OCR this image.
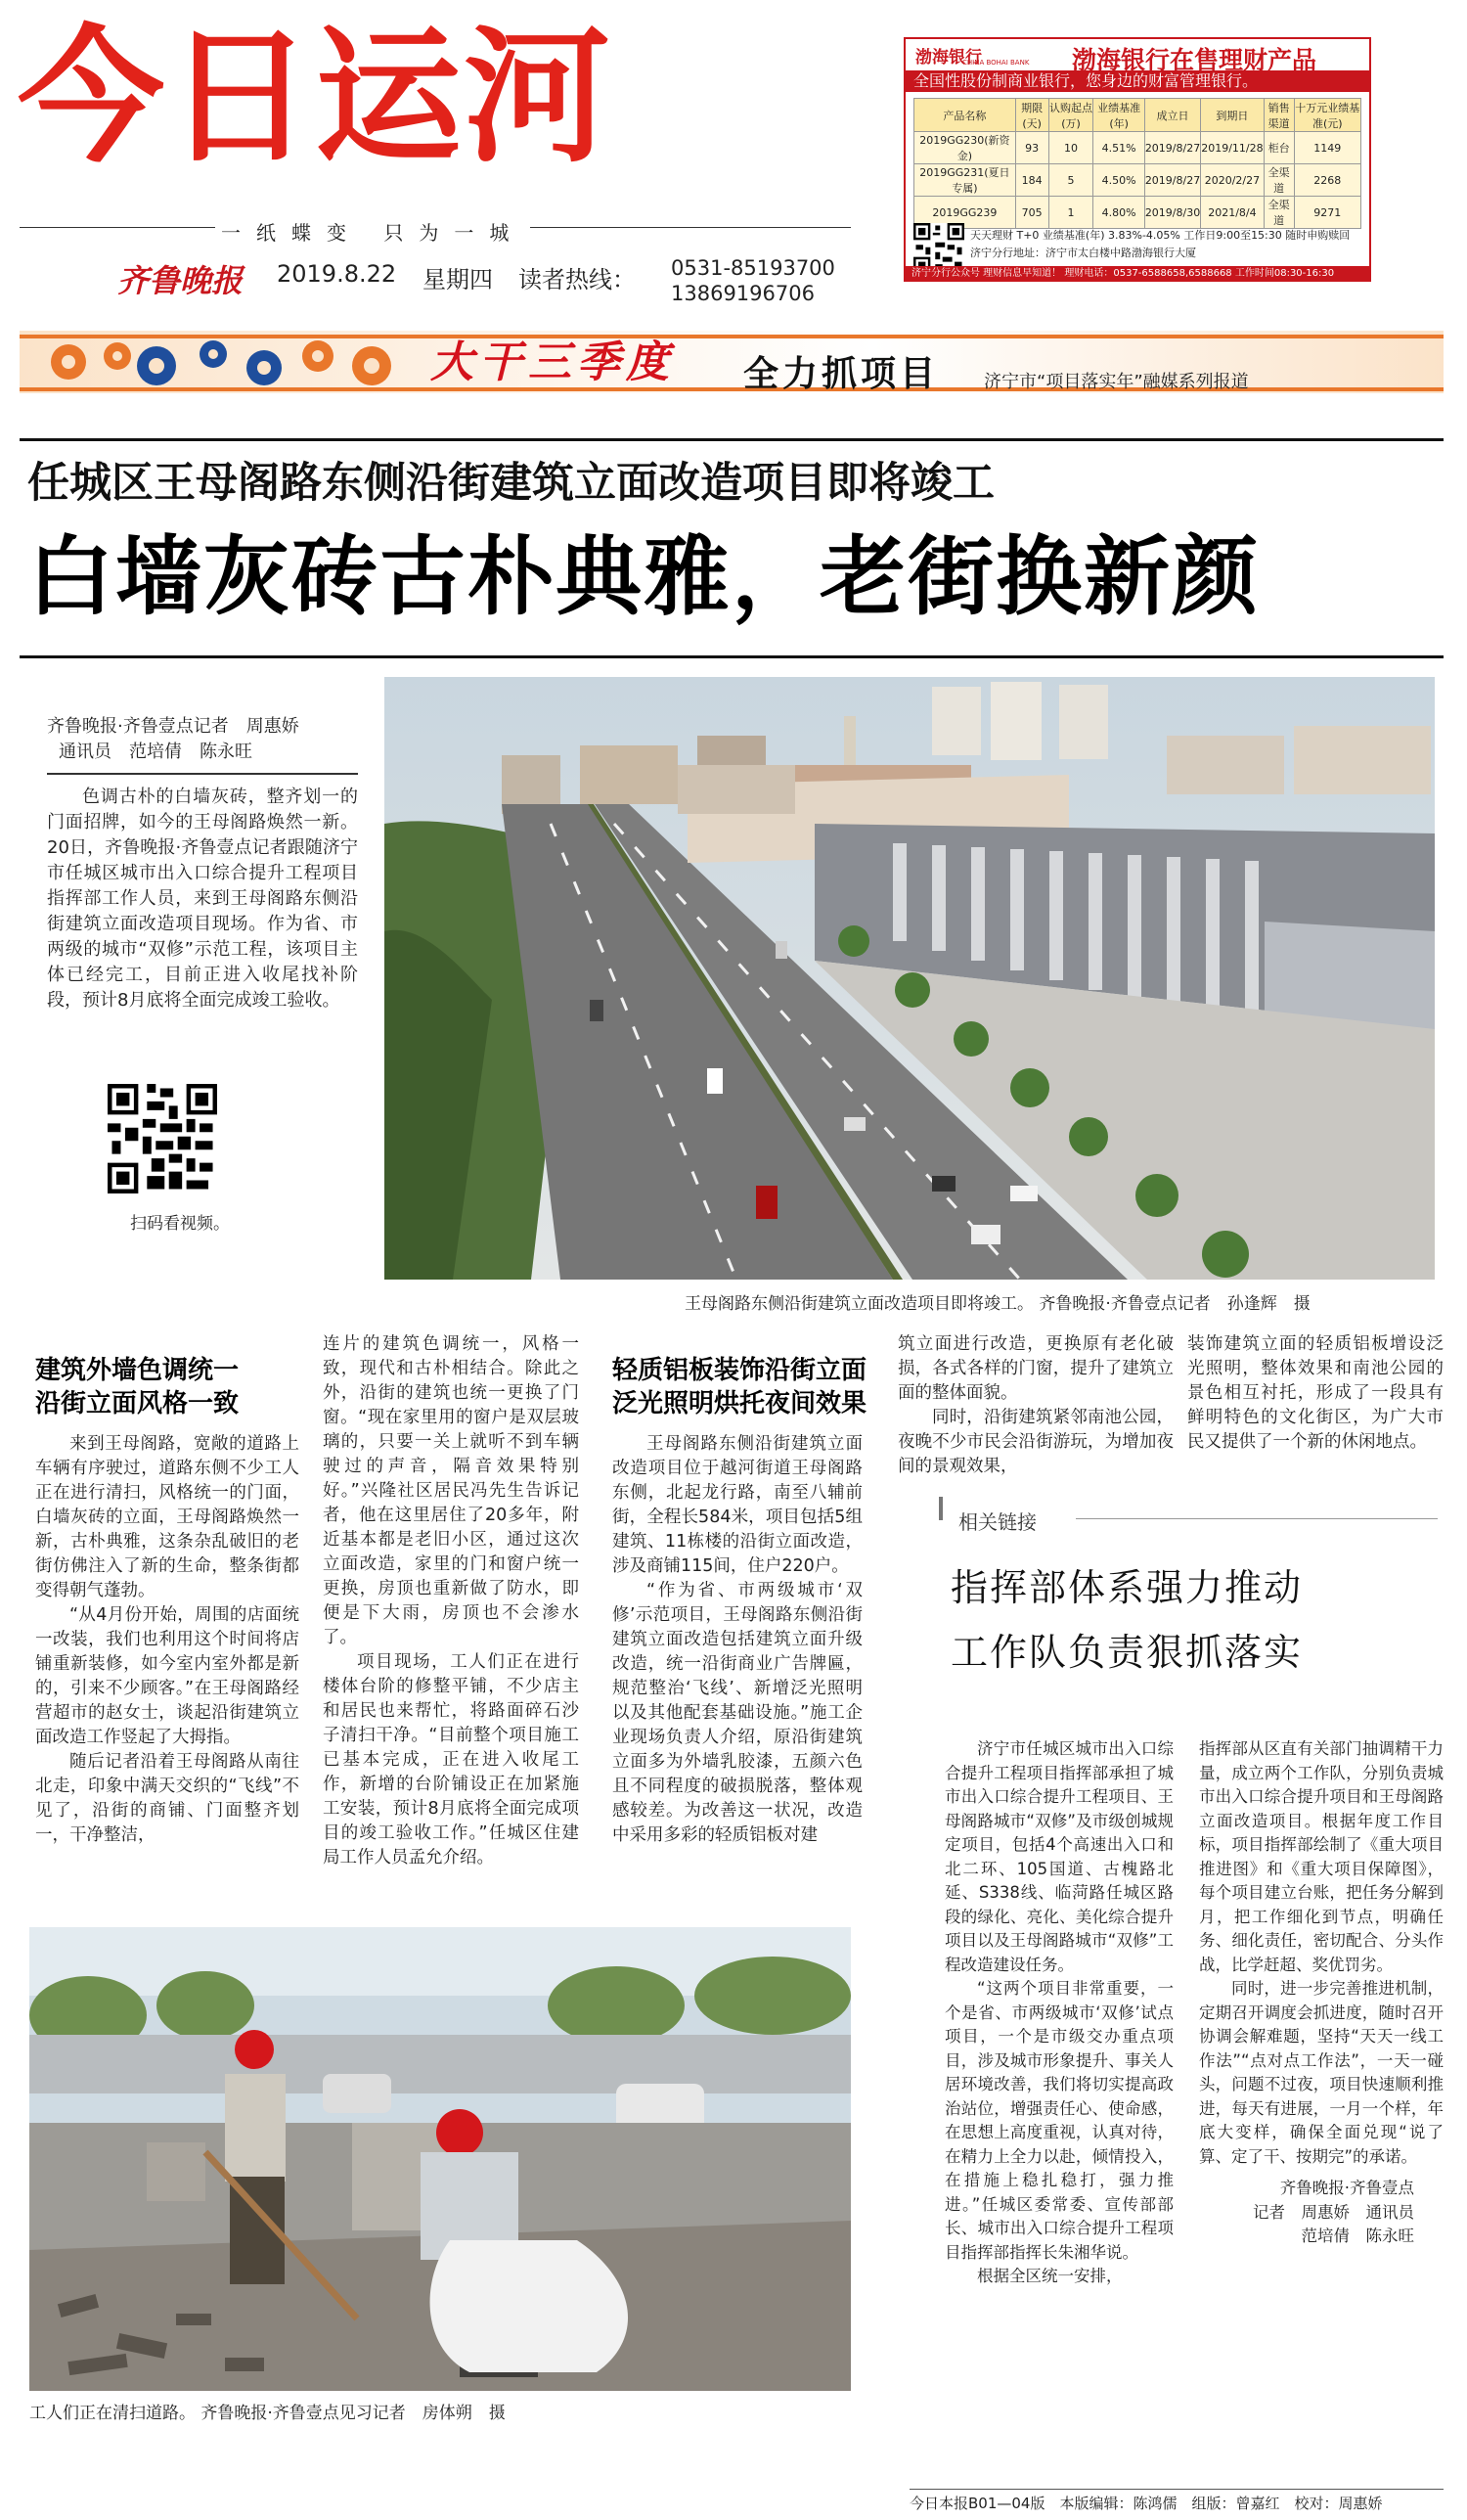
今日运河
一纸蝶变 只为一城
齐鲁晚报 2019.8.22 星期四 读者热线： 0531-85193700
13869196706
渤海银行
CHINA BOHAI BANK 渤海银行在售理财产品
全国性股份制商业银行，您身边的财富管理银行。
产品名称	期限(天)	认购起点(万)	业绩基准(年)	成立日	到期日	销售渠道	十万元业绩基准(元)
2019GG230(新资金)	93	10	4.51%	2019/8/27	2019/11/28	柜台	1149
2019GG231(夏日专属)	184	5	4.50%	2019/8/27	2020/2/27	全渠道	2268
2019GG239	705	1	4.80%	2019/8/30	2021/8/4	全渠道	9271
天天理财 T+0 业绩基准(年) 3.83%-4.05% 工作日9:00至15:30 随时申购赎回
济宁分行地址：济宁市太白楼中路渤海银行大厦
济宁分行公众号 理财信息早知道！ 理财电话：0537-6588658,6588668 工作时间08:30-16:30
大干三季度 全力抓项目	济宁市“项目落实年”融媒系列报道
任城区王母阁路东侧沿街建筑立面改造项目即将竣工
白墙灰砖古朴典雅，老街换新颜
齐鲁晚报·齐鲁壹点记者　周惠娇
通讯员　范培倩　陈永旺
色调古朴的白墙灰砖，整齐划一的门面招牌，如今的王母阁路焕然一新。20日，齐鲁晚报·齐鲁壹点记者跟随济宁市任城区城市出入口综合提升工程项目指挥部工作人员，来到王母阁路东侧沿街建筑立面改造项目现场。作为省、市两级的城市“双修”示范工程，该项目主体已经完工，目前正进入收尾找补阶段，预计8月底将全面完成竣工验收。
扫码看视频。
王母阁路东侧沿街建筑立面改造项目即将竣工。 齐鲁晚报·齐鲁壹点记者　孙逢辉　摄
建筑外墙色调统一
沿街立面风格一致

来到王母阁路，宽敞的道路上车辆有序驶过，道路东侧不少工人正在进行清扫，风格统一的门面，白墙灰砖的立面，王母阁路焕然一新，古朴典雅，这条杂乱破旧的老街仿佛注入了新的生命，整条街都变得朝气蓬勃。

“从4月份开始，周围的店面统一改装，我们也利用这个时间将店铺重新装修，如今室内室外都是新的，引来不少顾客。”在王母阁路经营超市的赵女士，谈起沿街建筑立面改造工作竖起了大拇指。

随后记者沿着王母阁路从南往北走，印象中满天交织的“飞线”不见了，沿街的商铺、门面整齐划一，干净整洁，

连片的建筑色调统一，风格一致，现代和古朴相结合。除此之外，沿街的建筑也统一更换了门窗。“现在家里用的窗户是双层玻璃的，只要一关上就听不到车辆驶过的声音，隔音效果特别好。”兴隆社区居民冯先生告诉记者，他在这里居住了20多年，附近基本都是老旧小区，通过这次立面改造，家里的门和窗户统一更换，房顶也重新做了防水，即便是下大雨，房顶也不会渗水了。

项目现场，工人们正在进行楼体台阶的修整平铺，不少店主和居民也来帮忙，将路面碎石沙子清扫干净。“目前整个项目施工已基本完成，正在进入收尾工作，新增的台阶铺设正在加紧施工安装，预计8月底将全面完成项目的竣工验收工作。”任城区住建局工作人员孟允介绍。

轻质铝板装饰沿街立面
泛光照明烘托夜间效果

王母阁路东侧沿街建筑立面改造项目位于越河街道王母阁路东侧，北起龙行路，南至八辅前街，全程长584米，项目包括5组建筑、11栋楼的沿街立面改造，涉及商铺115间，住户220户。

“作为省、市两级城市‘双修’示范项目，王母阁路东侧沿街建筑立面改造包括建筑立面升级改造，统一沿街商业广告牌匾，规范整治‘飞线’、新增泛光照明以及其他配套基础设施。”施工企业现场负责人介绍，原沿街建筑立面多为外墙乳胶漆，五颜六色且不同程度的破损脱落，整体观感较差。为改善这一状况，改造中采用多彩的轻质铝板对建

筑立面进行改造，更换原有老化破损，各式各样的门窗，提升了建筑立面的整体面貌。

同时，沿街建筑紧邻南池公园，夜晚不少市民会沿街游玩，为增加夜间的景观效果，

装饰建筑立面的轻质铝板增设泛光照明，整体效果和南池公园的景色相互衬托，形成了一段具有鲜明特色的文化街区，为广大市民又提供了一个新的休闲地点。

相关链接
指挥部体系强力推动
工作队负责狠抓落实

济宁市任城区城市出入口综合提升工程项目指挥部承担了城市出入口综合提升工程项目、王母阁路城市“双修”及市级创城规定项目，包括4个高速出入口和北二环、105国道、古槐路北延、S338线、临菏路任城区路段的绿化、亮化、美化综合提升项目以及王母阁路城市“双修”工程改造建设任务。

“这两个项目非常重要，一个是省、市两级城市‘双修’试点项目，一个是市级交办重点项目，涉及城市形象提升、事关人居环境改善，我们将切实提高政治站位，增强责任心、使命感，在思想上高度重视，认真对待，在精力上全力以赴，倾情投入，在措施上稳扎稳打，强力推进。”任城区委常委、宣传部部长、城市出入口综合提升工程项目指挥部指挥长朱湘华说。

根据全区统一安排，

指挥部从区直有关部门抽调精干力量，成立两个工作队，分别负责城市出入口综合提升项目和王母阁路立面改造项目。根据年度工作目标，项目指挥部绘制了《重大项目推进图》和《重大项目保障图》，每个项目建立台账，把任务分解到月，把工作细化到节点，明确任务、细化责任，密切配合、分头作战，比学赶超、奖优罚劣。

同时，进一步完善推进机制，定期召开调度会抓进度，随时召开协调会解难题，坚持“天天一线工作法”“点对点工作法”，一天一碰头，问题不过夜，项目快速顺利推进，每天有进展，一月一个样，年底大变样，确保全面兑现“说了算、定了干、按期完”的承诺。

齐鲁晚报·齐鲁壹点
记者　周惠娇　通讯员
范培倩　陈永旺
工人们正在清扫道路。 齐鲁晚报·齐鲁壹点见习记者　房体朔　摄
今日本报B01—04版　本版编辑：陈鸿儒　组版：曾嘉红　校对：周惠娇
